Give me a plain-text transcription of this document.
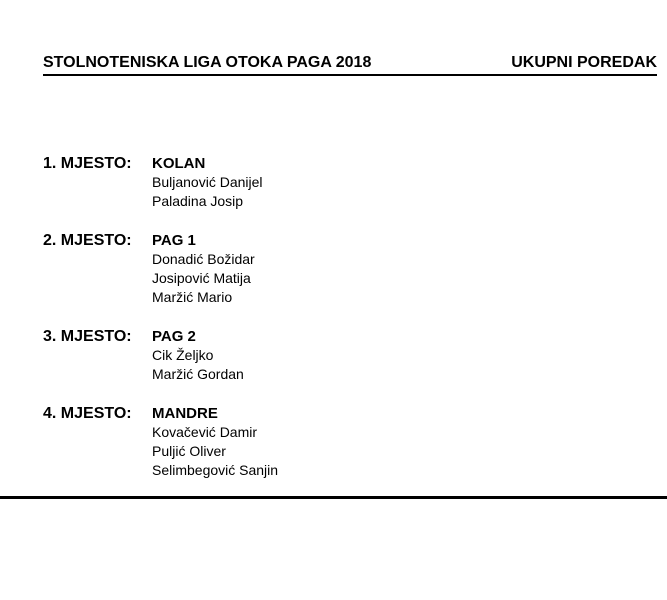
STOLNOTENISKA LIGA OTOKA PAGA 2018	UKUPNI POREDAK
1. MJESTO: KOLAN
Buljanović Danijel
Paladina Josip
2. MJESTO: PAG 1
Donadić Božidar
Josipović Matija
Maržić Mario
3. MJESTO: PAG 2
Cik Željko
Maržić Gordan
4. MJESTO: MANDRE
Kovačević Damir
Puljić Oliver
Selimbegović Sanjin
